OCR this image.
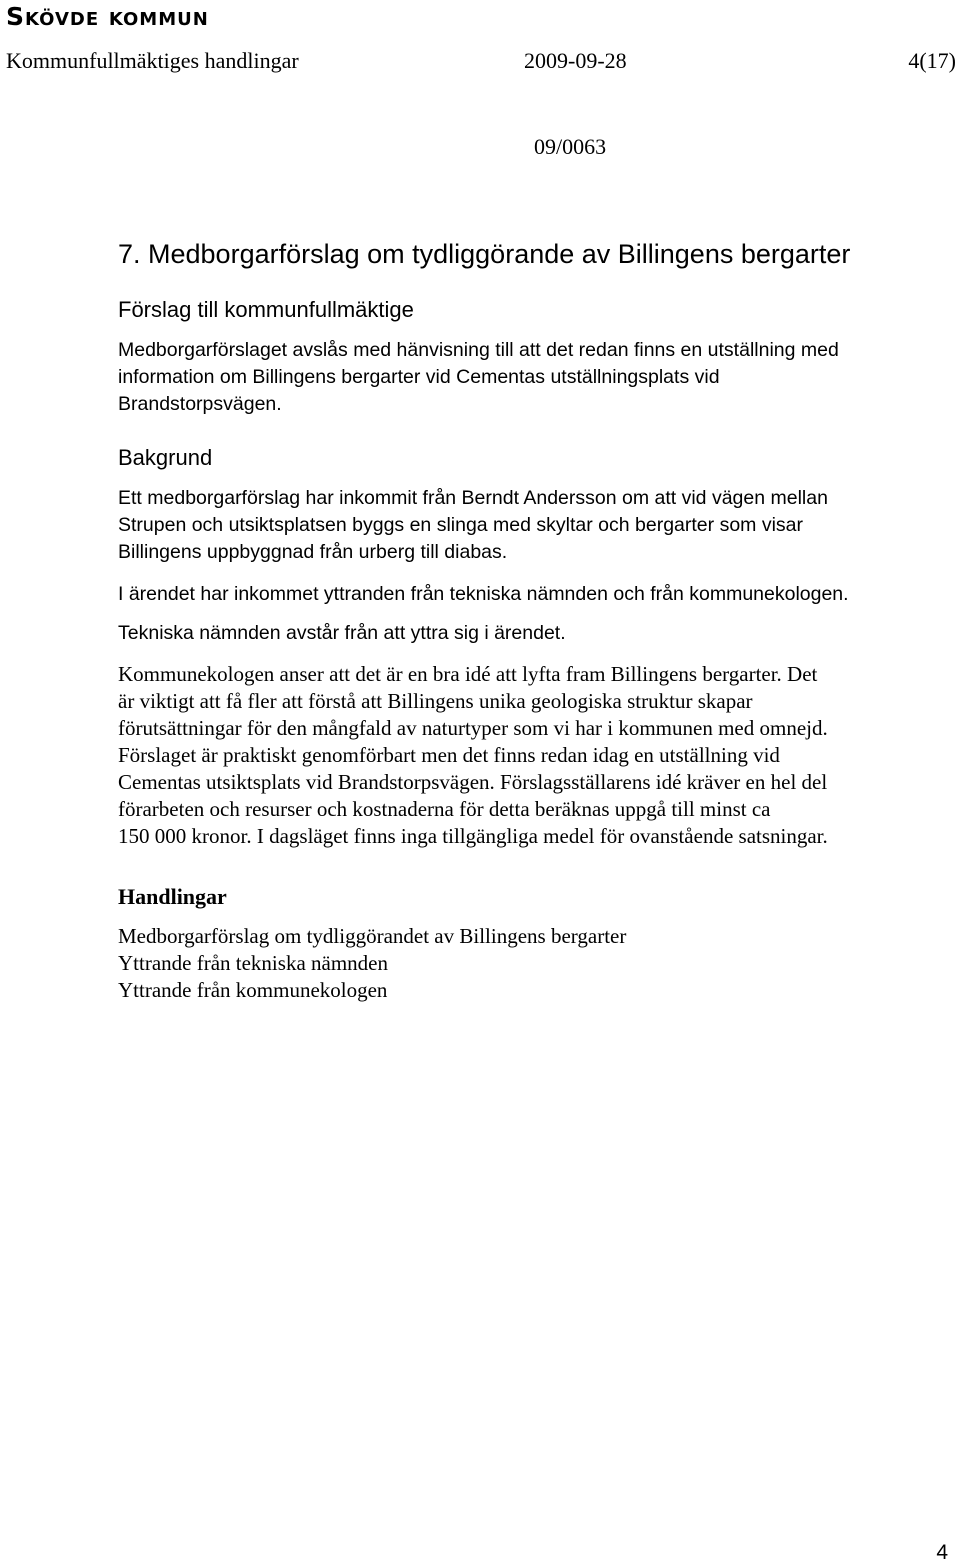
Skövde kommun
Kommunfullmäktiges handlingar	2009-09-28	4(17)
09/0063
7. Medborgarförslag om tydliggörande av Billingens bergarter
Förslag till kommunfullmäktige
Medborgarförslaget avslås med hänvisning till att det redan finns en utställning med
information om Billingens bergarter vid Cementas utställningsplats vid
Brandstorpsvägen.
Bakgrund
Ett medborgarförslag har inkommit från Berndt Andersson om att vid vägen mellan
Strupen och utsiktsplatsen byggs en slinga med skyltar och bergarter som visar
Billingens uppbyggnad från urberg till diabas.
I ärendet har inkommet yttranden från tekniska nämnden och från kommunekologen.
Tekniska nämnden avstår från att yttra sig i ärendet.
Kommunekologen anser att det är en bra idé att lyfta fram Billingens bergarter. Det
är viktigt att få fler att förstå att Billingens unika geologiska struktur skapar
förutsättningar för den mångfald av naturtyper som vi har i kommunen med omnejd.
Förslaget är praktiskt genomförbart men det finns redan idag en utställning vid
Cementas utsiktsplats vid Brandstorpsvägen. Förslagsställarens idé kräver en hel del
förarbeten och resurser och kostnaderna för detta beräknas uppgå till minst ca
150 000 kronor. I dagsläget finns inga tillgängliga medel för ovanstående satsningar.
Handlingar
Medborgarförslag om tydliggörandet av Billingens bergarter
Yttrande från tekniska nämnden
Yttrande från kommunekologen
4
